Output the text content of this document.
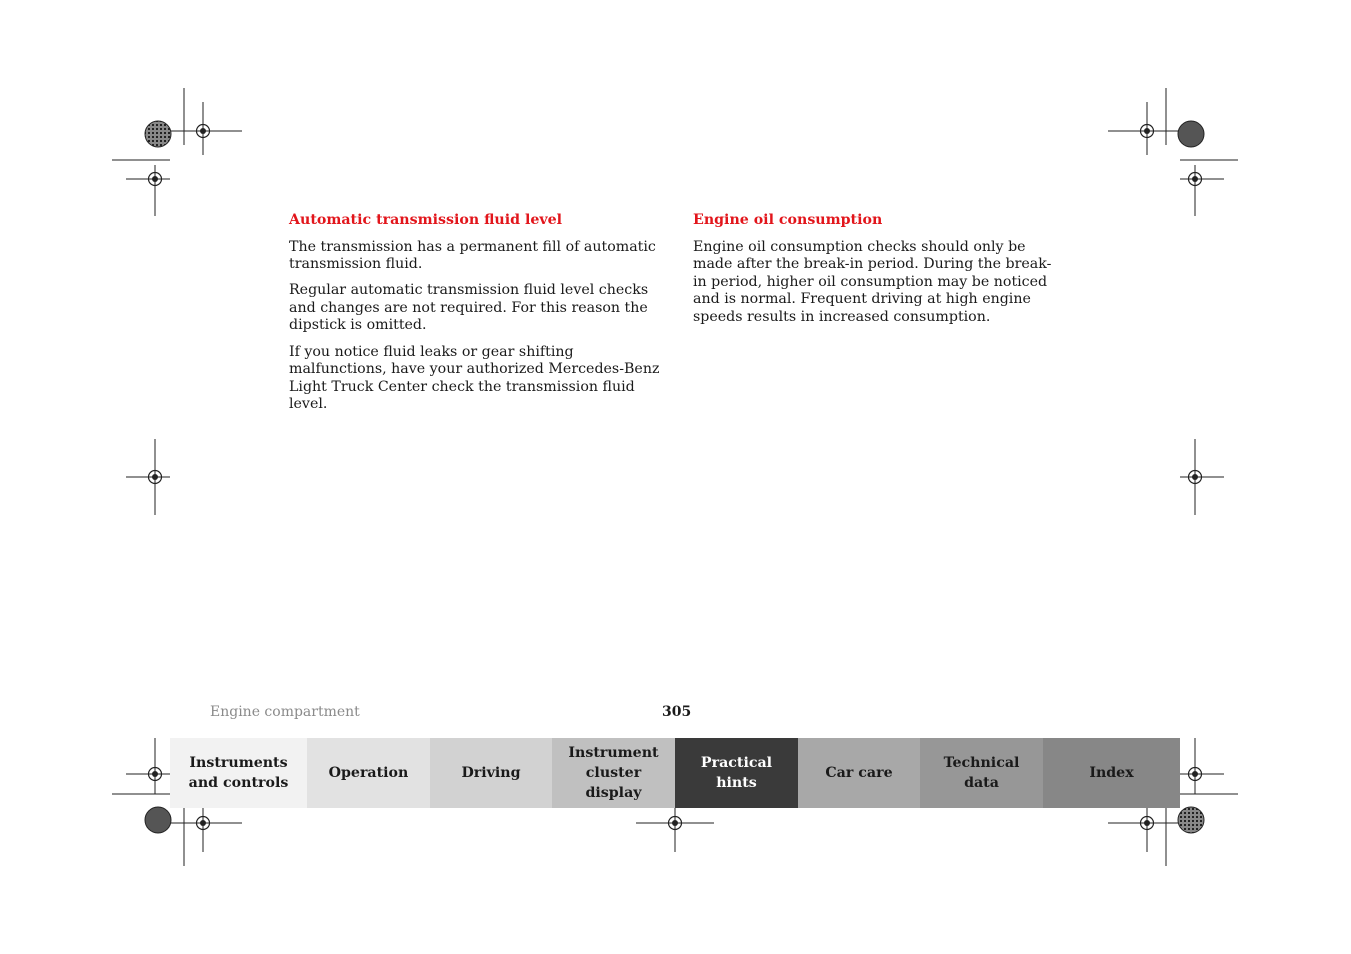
Automatic transmission fluid level

The transmission has a permanent fill of automatic transmission fluid.

Regular automatic transmission fluid level checks and changes are not required. For this reason the dipstick is omitted.

If you notice fluid leaks or gear shifting malfunctions, have your authorized Mercedes-Benz Light Truck Center check the transmission fluid level.

Engine oil consumption

Engine oil consumption checks should only be made after the break-in period. During the break-in period, higher oil consumption may be noticed and is normal. Frequent driving at high engine speeds results in increased consumption.

Engine compartment	305
Instruments
and controls
Operation	Driving
Instrument
cluster display
Practical hints
Car care
Technical
data
Index
